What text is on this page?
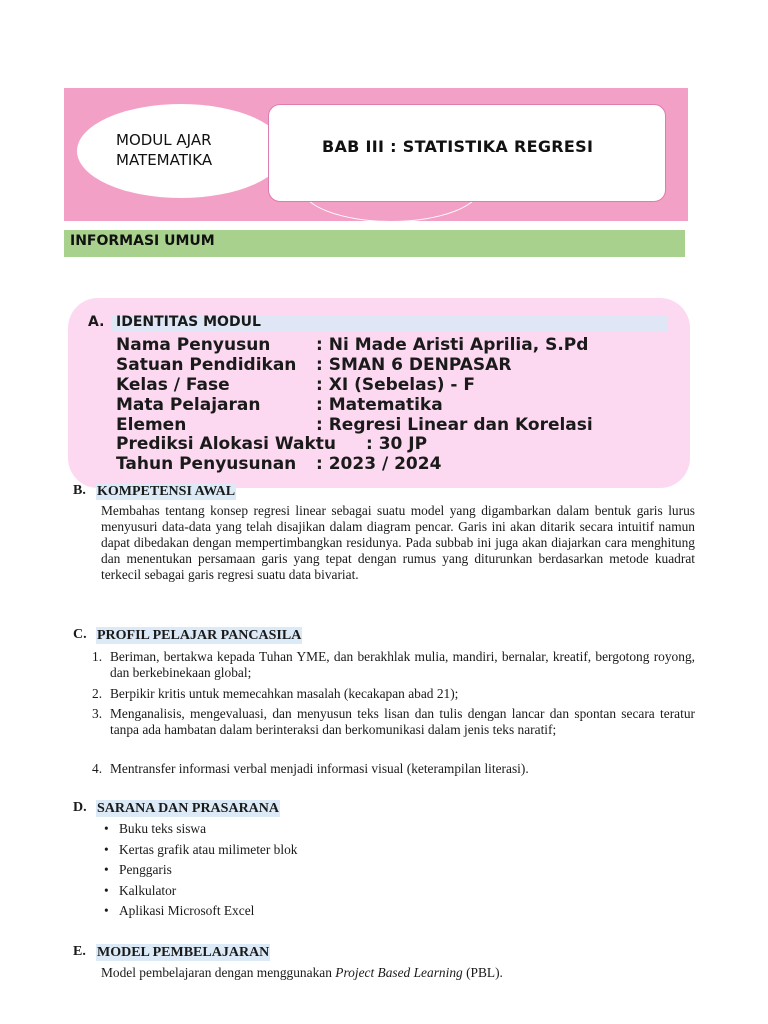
MODUL AJAR
MATEMATIKA
BAB III : STATISTIKA REGRESI
INFORMASI UMUM
A. IDENTITAS MODUL
Nama Penyusun	: Ni Made Aristi Aprilia, S.Pd
Satuan Pendidikan : SMAN 6 DENPASAR
Kelas / Fase	: XI (Sebelas) - F
Mata Pelajaran	: Matematika
Elemen	: Regresi Linear dan Korelasi
Prediksi Alokasi Waktu : 30 JP
Tahun Penyusunan : 2023 / 2024
B. KOMPETENSI AWAL
Membahas tentang konsep regresi linear sebagai suatu model yang digambarkan dalam bentuk garis lurus menyusuri data-data yang telah disajikan dalam diagram pencar. Garis ini akan ditarik secara intuitif namun dapat dibedakan dengan mempertimbangkan residunya. Pada subbab ini juga akan diajarkan cara menghitung dan menentukan persamaan garis yang tepat dengan rumus yang diturunkan berdasarkan metode kuadrat terkecil sebagai garis regresi suatu data bivariat.
C. PROFIL PELAJAR PANCASILA
1. Beriman, bertakwa kepada Tuhan YME, dan berakhlak mulia, mandiri, bernalar, kreatif, bergotong royong, dan berkebinekaan global;
2. Berpikir kritis untuk memecahkan masalah (kecakapan abad 21);
3. Menganalisis, mengevaluasi, dan menyusun teks lisan dan tulis dengan lancar dan spontan secara teratur tanpa ada hambatan dalam berinteraksi dan berkomunikasi dalam jenis teks naratif;
4. Mentransfer informasi verbal menjadi informasi visual (keterampilan literasi).
D. SARANA DAN PRASARANA
• Buku teks siswa
• Kertas grafik atau milimeter blok
• Penggaris
• Kalkulator
• Aplikasi Microsoft Excel
E. MODEL PEMBELAJARAN
Model pembelajaran dengan menggunakan Project Based Learning (PBL).
